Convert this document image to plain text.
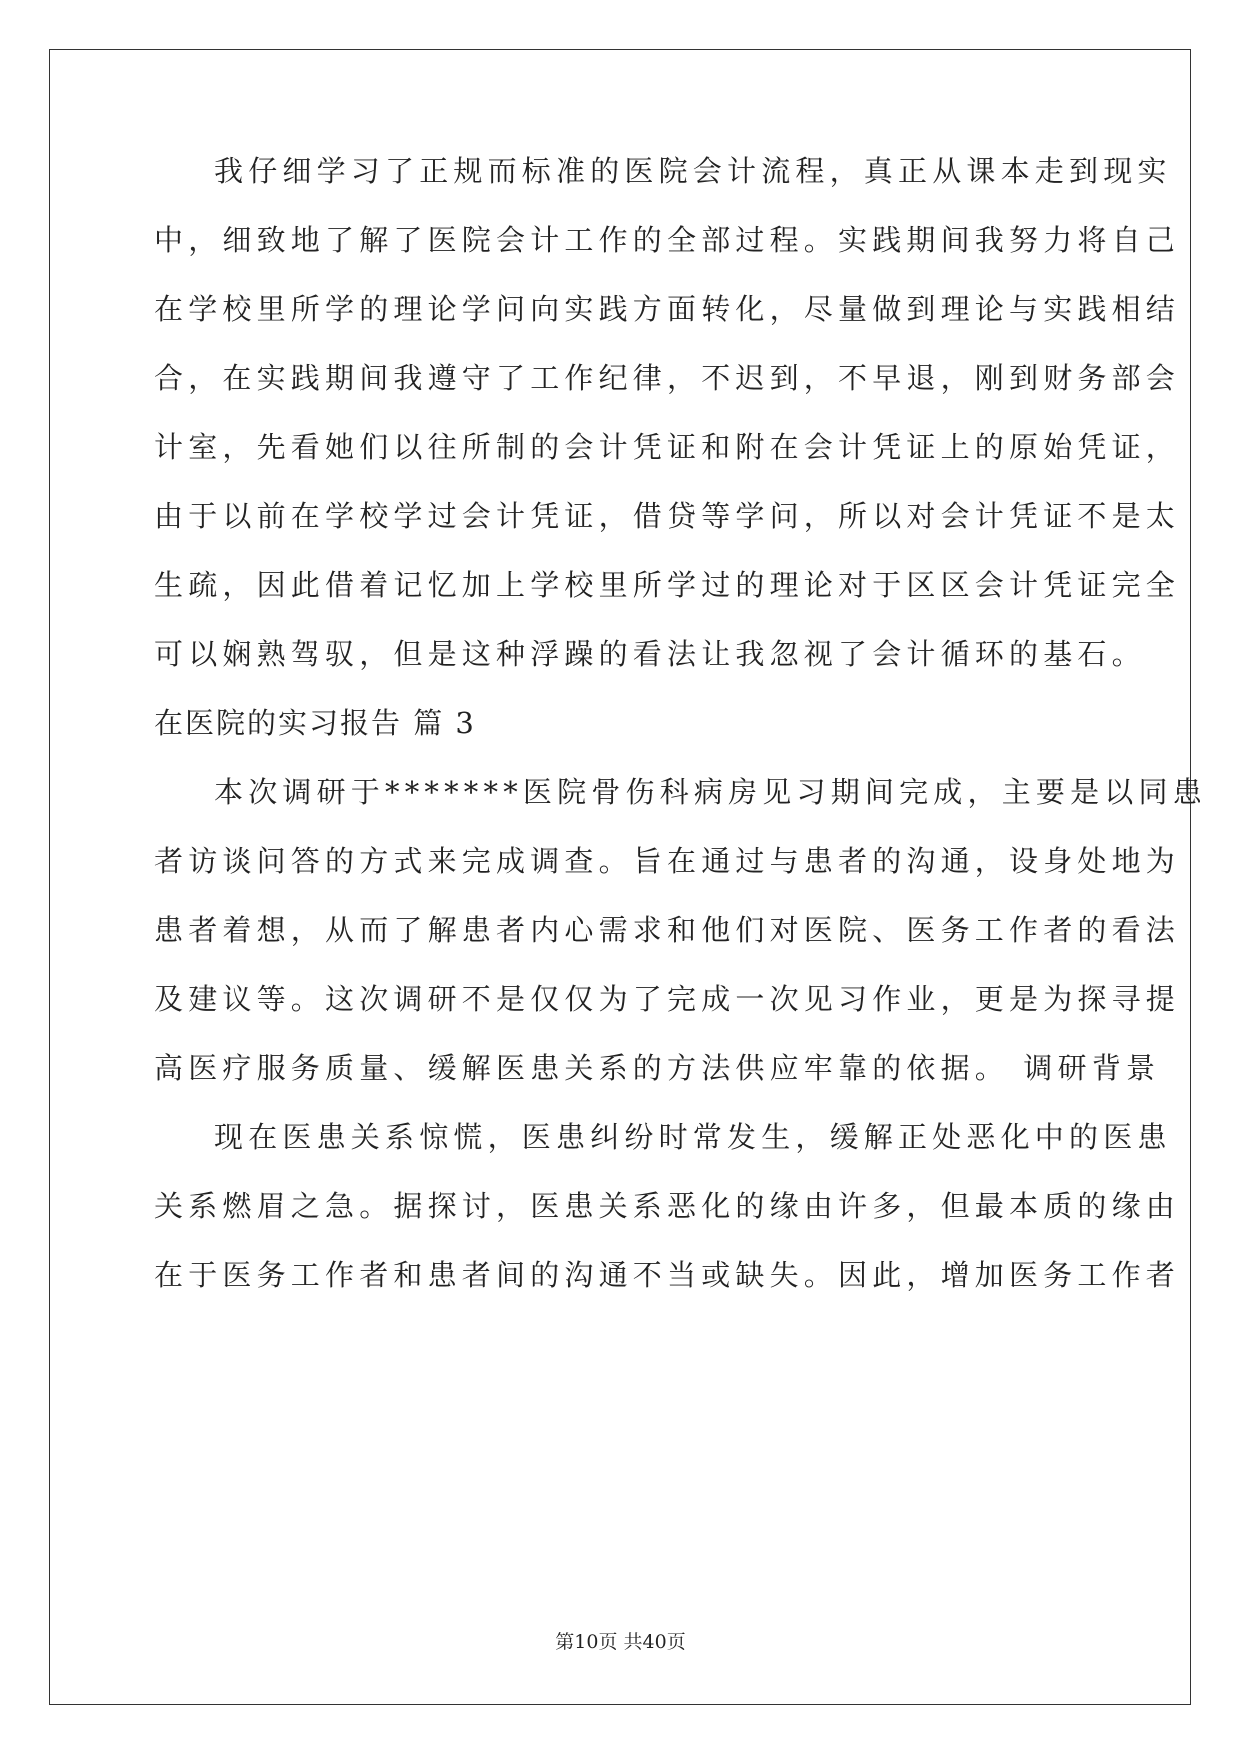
我仔细学习了正规而标准的医院会计流程，真正从课本走到现实
中，细致地了解了医院会计工作的全部过程。实践期间我努力将自己
在学校里所学的理论学问向实践方面转化，尽量做到理论与实践相结
合，在实践期间我遵守了工作纪律，不迟到，不早退，刚到财务部会
计室，先看她们以往所制的会计凭证和附在会计凭证上的原始凭证，
由于以前在学校学过会计凭证，借贷等学问，所以对会计凭证不是太
生疏，因此借着记忆加上学校里所学过的理论对于区区会计凭证完全
可以娴熟驾驭，但是这种浮躁的看法让我忽视了会计循环的基石。
在医院的实习报告 篇 3
本次调研于*******医院骨伤科病房见习期间完成，主要是以同患
者访谈问答的方式来完成调查。旨在通过与患者的沟通，设身处地为
患者着想，从而了解患者内心需求和他们对医院、医务工作者的看法
及建议等。这次调研不是仅仅为了完成一次见习作业，更是为探寻提
高医疗服务质量、缓解医患关系的方法供应牢靠的依据。 调研背景
现在医患关系惊慌，医患纠纷时常发生，缓解正处恶化中的医患
关系燃眉之急。据探讨，医患关系恶化的缘由许多，但最本质的缘由
在于医务工作者和患者间的沟通不当或缺失。因此，增加医务工作者
第10页 共40页
